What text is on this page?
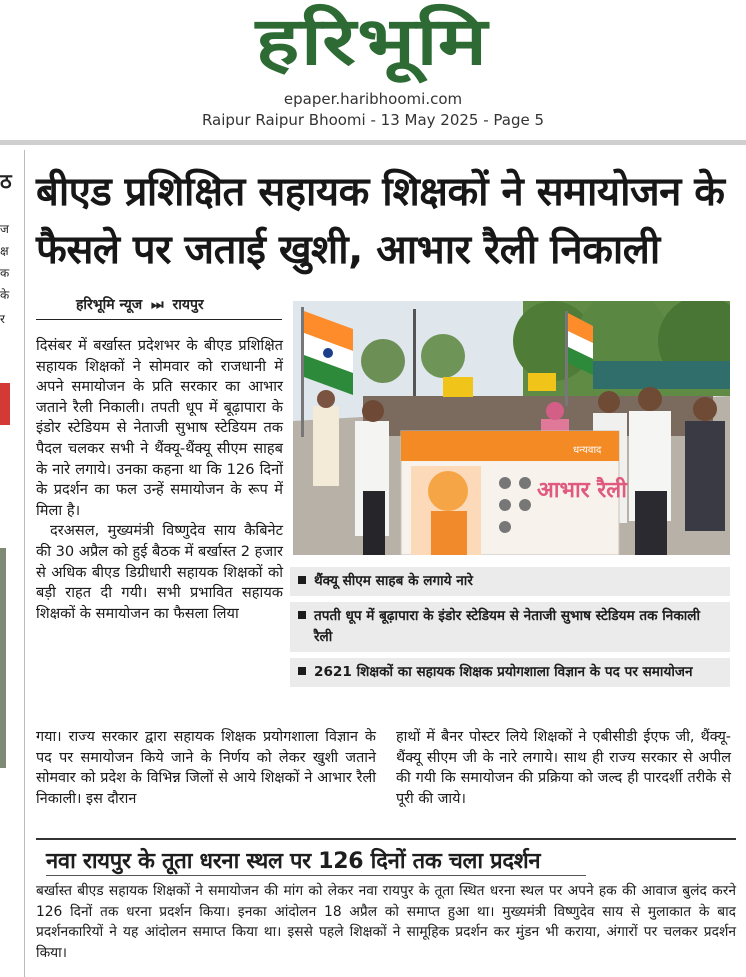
हरिभूमि
epaper.haribhoomi.com
Raipur Raipur Bhoomi - 13 May 2025 - Page 5
ठ
ज
क्ष
क
के
र
बीएड प्रशिक्षित सहायक शिक्षकों ने समायोजन के फैसले पर जताई खुशी, आभार रैली निकाली
हरिभूमि न्यूज ⏭ रायपुर

दिसंबर में बर्खास्त प्रदेशभर के बीएड प्रशिक्षित सहायक शिक्षकों ने सोमवार को राजधानी में अपने समायोजन के प्रति सरकार का आभार जताने रैली निकाली। तपती धूप में बूढ़ापारा के इंडोर स्टेडियम से नेताजी सुभाष स्टेडियम तक पैदल चलकर सभी ने थैंक्यू-थैंक्यू सीएम साहब के नारे लगाये। उनका कहना था कि 126 दिनों के प्रदर्शन का फल उन्हें समायोजन के रूप में मिला है।

दरअसल, मुख्यमंत्री विष्णुदेव साय कैबिनेट की 30 अप्रैल को हुई बैठक में बर्खास्त 2 हजार से अधिक बीएड डिग्रीधारी सहायक शिक्षकों को बड़ी राहत दी गयी। सभी प्रभावित सहायक शिक्षकों के समायोजन का फैसला लिया

आभार रैली
धन्यवाद
थैंक्यू सीएम साहब के लगाये नारे
तपती धूप में बूढ़ापारा के इंडोर स्टेडियम से नेताजी सुभाष स्टेडियम तक निकाली रैली
2621 शिक्षकों का सहायक शिक्षक प्रयोगशाला विज्ञान के पद पर समायोजन

गया। राज्य सरकार द्वारा सहायक शिक्षक प्रयोगशाला विज्ञान के पद पर समायोजन किये जाने के निर्णय को लेकर खुशी जताने सोमवार को प्रदेश के विभिन्न जिलों से आये शिक्षकों ने आभार रैली निकाली। इस दौरान

हाथों में बैनर पोस्टर लिये शिक्षकों ने एबीसीडी ईएफ जी, थैंक्यू-थैंक्यू सीएम जी के नारे लगाये। साथ ही राज्य सरकार से अपील की गयी कि समायोजन की प्रक्रिया को जल्द ही पारदर्शी तरीके से पूरी की जाये।

नवा रायपुर के तूता धरना स्थल पर 126 दिनों तक चला प्रदर्शन

बर्खास्त बीएड सहायक शिक्षकों ने समायोजन की मांग को लेकर नवा रायपुर के तूता स्थित धरना स्थल पर अपने हक की आवाज बुलंद करने 126 दिनों तक धरना प्रदर्शन किया। इनका आंदोलन 18 अप्रैल को समाप्त हुआ था। मुख्यमंत्री विष्णुदेव साय से मुलाकात के बाद प्रदर्शनकारियों ने यह आंदोलन समाप्त किया था। इससे पहले शिक्षकों ने सामूहिक प्रदर्शन कर मुंडन भी कराया, अंगारों पर चलकर प्रदर्शन किया।
